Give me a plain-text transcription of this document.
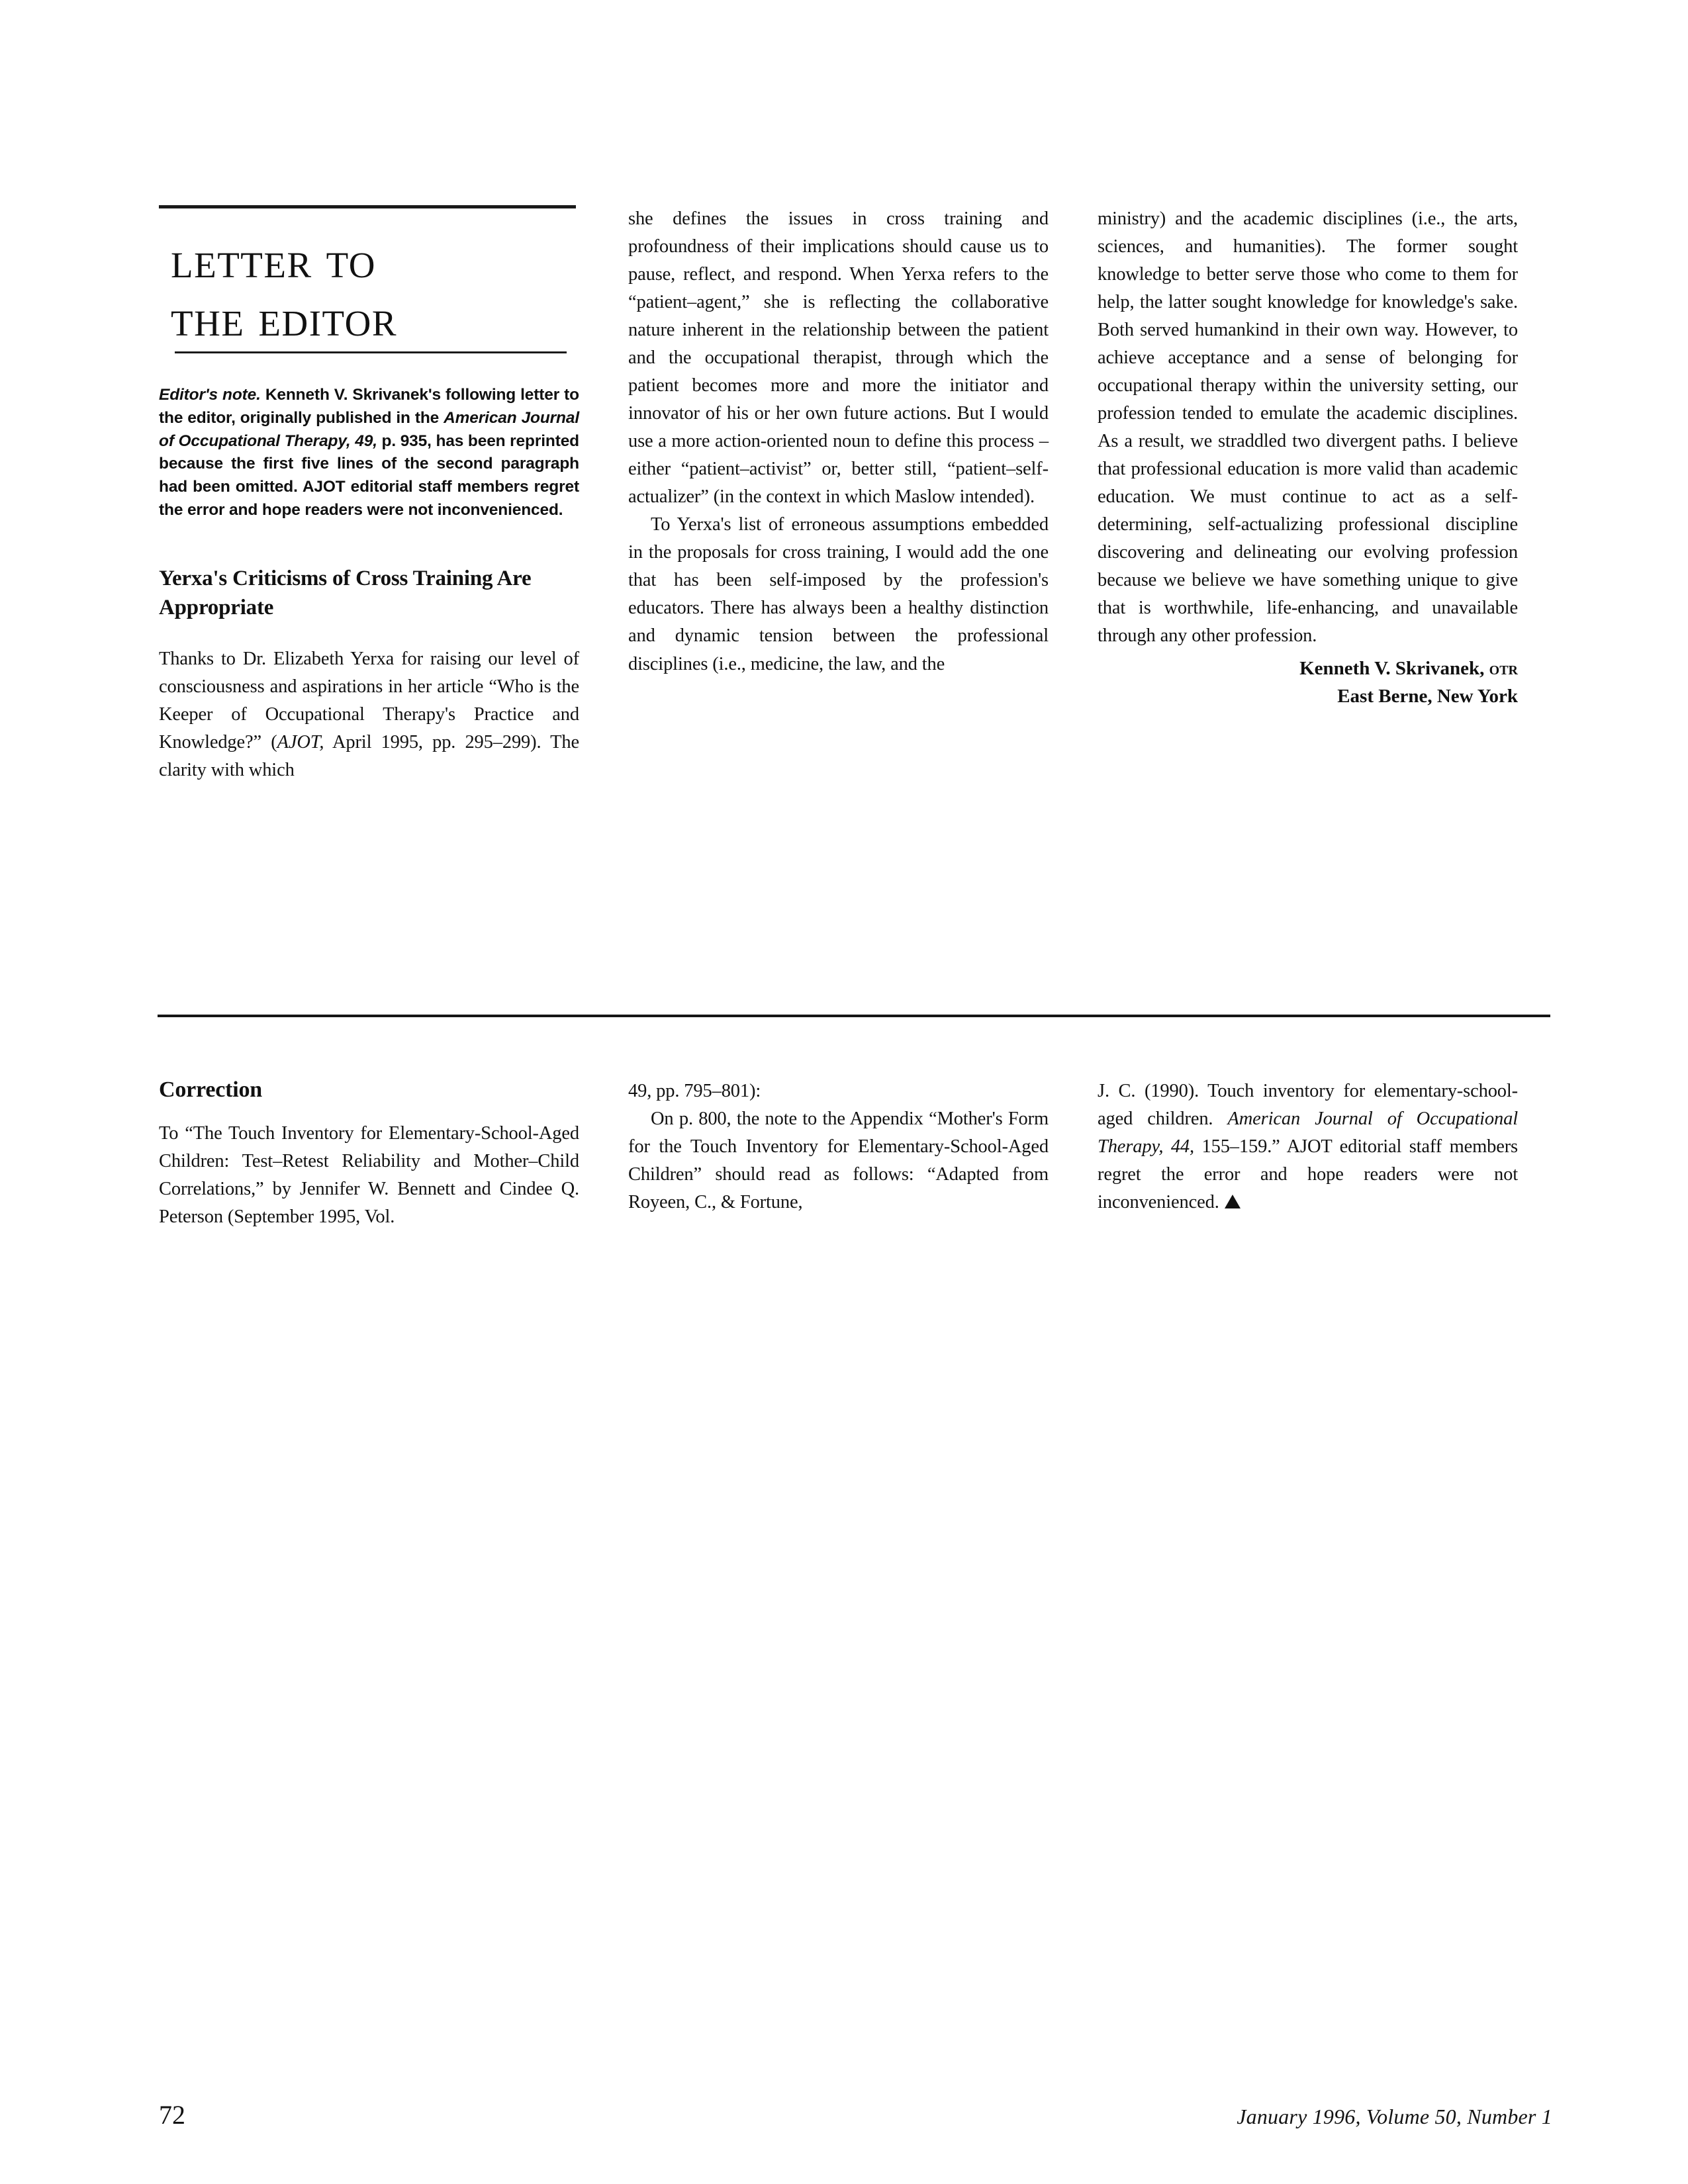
letter to
the editor
Editor's note. Kenneth V. Skrivanek's following letter to the editor, originally published in the American Journal of Occupational Therapy, 49, p. 935, has been reprinted because the first five lines of the second paragraph had been omitted. AJOT editorial staff members regret the error and hope readers were not inconvenienced.
Yerxa's Criticisms of Cross Training Are Appropriate

Thanks to Dr. Elizabeth Yerxa for raising our level of consciousness and aspirations in her article “Who is the Keeper of Occupational Therapy's Practice and Knowledge?” (AJOT, April 1995, pp. 295–299). The clarity with which

she defines the issues in cross training and profoundness of their implications should cause us to pause, reflect, and respond. When Yerxa refers to the “patient–agent,” she is reflecting the collaborative nature inherent in the relationship between the patient and the occupational therapist, through which the patient becomes more and more the initiator and innovator of his or her own future actions. But I would use a more action-oriented noun to define this process – either “patient–activist” or, better still, “patient–self-actualizer” (in the context in which Maslow intended).

To Yerxa's list of erroneous assumptions embedded in the proposals for cross training, I would add the one that has been self-imposed by the profession's educators. There has always been a healthy distinction and dynamic tension between the professional disciplines (i.e., medicine, the law, and the

ministry) and the academic disciplines (i.e., the arts, sciences, and humanities). The former sought knowledge to better serve those who come to them for help, the latter sought knowledge for knowledge's sake. Both served humankind in their own way. However, to achieve acceptance and a sense of belonging for occupational therapy within the university setting, our profession tended to emulate the academic disciplines. As a result, we straddled two divergent paths. I believe that professional education is more valid than academic education. We must continue to act as a self-determining, self-actualizing professional discipline discovering and delineating our evolving profession because we believe we have something unique to give that is worthwhile, life-enhancing, and unavailable through any other profession.

Kenneth V. Skrivanek, otr
East Berne, New York
Correction

To “The Touch Inventory for Elementary-School-Aged Children: Test–Retest Reliability and Mother–Child Correlations,” by Jennifer W. Bennett and Cindee Q. Peterson (September 1995, Vol.

49, pp. 795–801):

On p. 800, the note to the Appendix “Mother's Form for the Touch Inventory for Elementary-School-Aged Children” should read as follows: “Adapted from Royeen, C., & Fortune,

J. C. (1990). Touch inventory for elementary-school-aged children. American Journal of Occupational Therapy, 44, 155–159.” AJOT editorial staff members regret the error and hope readers were not inconvenienced.

72	January 1996, Volume 50, Number 1
